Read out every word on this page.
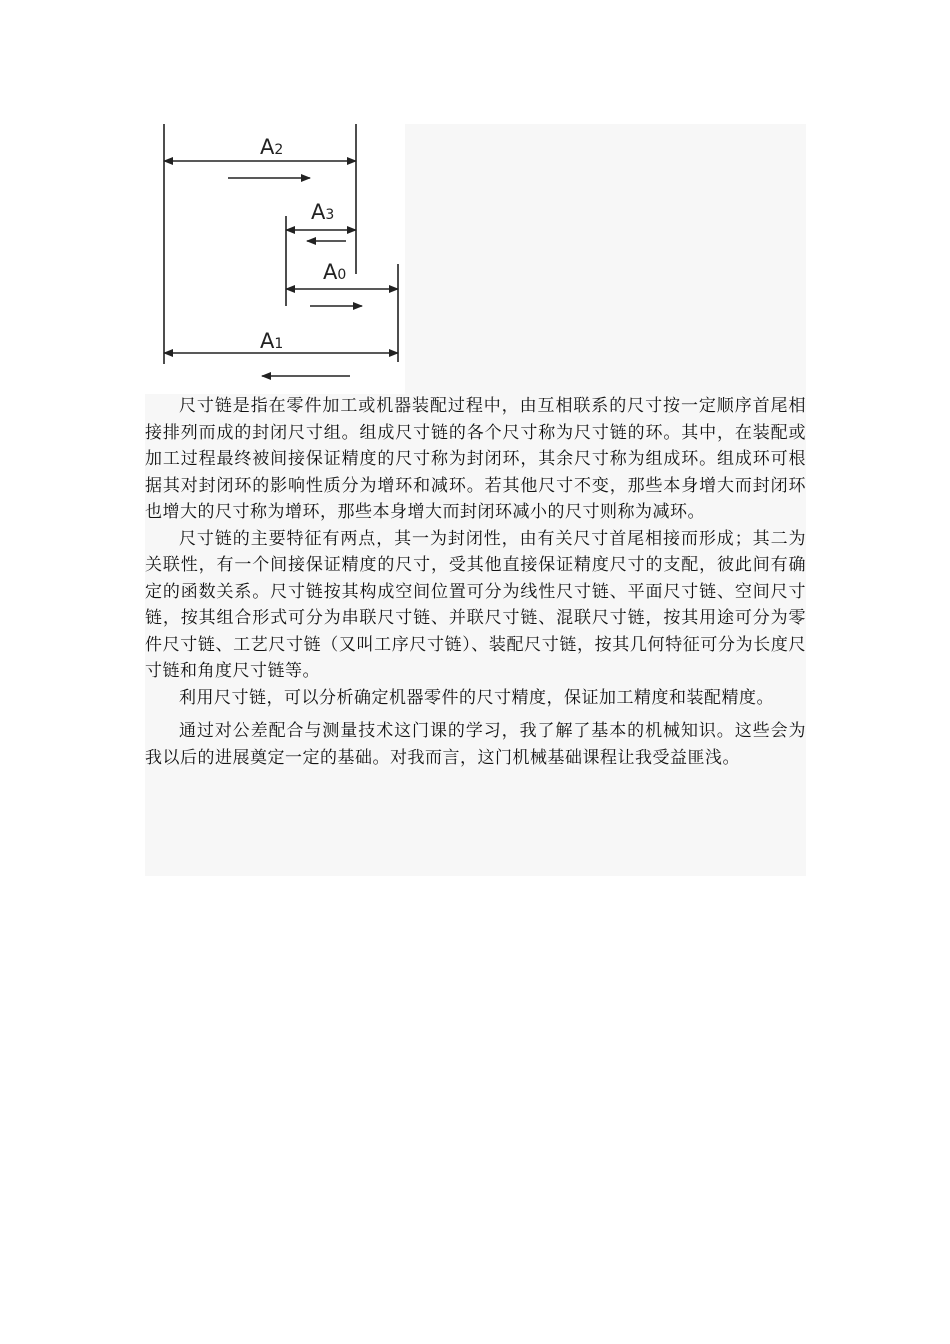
A2
A3
A0
A1

尺寸链是指在零件加工或机器装配过程中，由互相联系的尺寸按一定顺序首尾相接排列而成的封闭尺寸组。组成尺寸链的各个尺寸称为尺寸链的环。其中，在装配或加工过程最终被间接保证精度的尺寸称为封闭环，其余尺寸称为组成环。组成环可根据其对封闭环的影响性质分为增环和减环。若其他尺寸不变，那些本身增大而封闭环也增大的尺寸称为增环，那些本身增大而封闭环减小的尺寸则称为减环。

尺寸链的主要特征有两点，其一为封闭性，由有关尺寸首尾相接而形成；其二为关联性，有一个间接保证精度的尺寸，受其他直接保证精度尺寸的支配，彼此间有确定的函数关系。尺寸链按其构成空间位置可分为线性尺寸链、平面尺寸链、空间尺寸链，按其组合形式可分为串联尺寸链、并联尺寸链、混联尺寸链，按其用途可分为零件尺寸链、工艺尺寸链（又叫工序尺寸链）、装配尺寸链，按其几何特征可分为长度尺寸链和角度尺寸链等。

利用尺寸链，可以分析确定机器零件的尺寸精度，保证加工精度和装配精度。

通过对公差配合与测量技术这门课的学习，我了解了基本的机械知识。这些会为我以后的进展奠定一定的基础。对我而言，这门机械基础课程让我受益匪浅。
